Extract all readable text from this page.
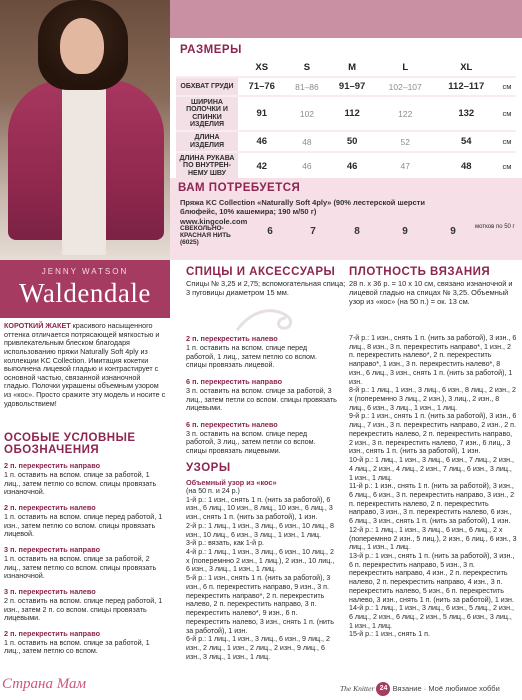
РАЗМЕРЫ
	XS	S	M	L	XL	
ОБХВАТ ГРУДИ	71–76	81–86	91–97	102–107	112–117	см
ШИРИНА ПОЛОЧКИ И СПИНКИ ИЗДЕЛИЯ	91	102	112	122	132	см
ДЛИНА ИЗДЕЛИЯ	46	48	50	52	54	см
ДЛИНА РУКАВА ПО ВНУТРЕН-НЕМУ ШВУ	42	46	46	47	48	см
ВАМ ПОТРЕБУЕТСЯ
Пряжа KC Collection «Naturally Soft 4ply» (90% лестерской шерсти блюфейс, 10% кашемира; 190 м/50 г)
www.kingcole.com
СВЕКОЛЬНО-КРАСНАЯ НИТЬ (6025)
6	7	8	9	9	мотков по 50 г
JENNY WATSON
Waldendale
КОРОТКИЙ ЖАКЕТ красивого насыщенного оттенка отличается потрясающей мягкостью и привлекательным блеском благодаря использованию пряжи Naturally Soft 4ply из коллекции KC Collection. Имитация кокетки выполнена лицевой гладью и контрастирует с основной частью, связанной изнаночной гладью. Полочки украшены объемным узором из «кос». Просто сражите эту модель и носите с удовольствием!
ОСОБЫЕ УСЛОВНЫЕ ОБОЗНАЧЕНИЯ
2 п. перекрестить направо
1 п. оставить на вспом. спице за работой, 1 лиц., затем петлю со вспом. спицы провязать изнаночной.
2 п. перекрестить налево
1 п. оставить на вспом. спице перед работой, 1 изн., затем петлю со вспом. спицы провязать лицевой.
3 п. перекрестить направо
1 п. оставить на вспом. спице за работой, 2 лиц., затем петлю со вспом. спицы провязать изнаночной.
3 п. перекрестить налево
2 п. оставить на вспом. спице перед работой, 1 изн., затем 2 п. со вспом. спицы провязать лицевыми.
2 п. перекрестить направо
1 п. оставить на вспом. спице за работой, 1 лиц., затем петлю со вспом.
СПИЦЫ И АКСЕССУАРЫ

Спицы № 3,25 и 2,75; вспомогательная спица; 3 пуговицы диаметром 15 мм.

ПЛОТНОСТЬ ВЯЗАНИЯ

28 п. х 36 р. = 10 х 10 см, связано изнаночной и лицевой гладью на спицах № 3,25. Объемный узор из «кос» (на 50 п.) = ок. 13 см.

2 п. перекрестить налево
1 п. оставить на вспом. спице перед работой, 1 лиц., затем петлю со вспом. спицы провязать лицевой.
6 п. перекрестить направо
3 п. оставить на вспом. спице за работой, 3 лиц., затем петли со вспом. спицы провязать лицевыми.
6 п. перекрестить налево
3 п. оставить на вспом. спице перед работой, 3 лиц., затем петли со вспом. спицы провязать лицевыми.
УЗОРЫ
Объемный узор из «кос»
(на 50 п. и 24 р.)
1-й р.: 1 изн., снять 1 п. (нить за работой), 6 изн., 6 лиц., 10 изн., 8 лиц., 10 изн., 6 лиц., 3 изн., снять 1 п. (нить за работой), 1 изн.
2-й р.: 1 лиц., 1 изн., 3 лиц., 6 изн., 10 лиц., 8 изн., 10 лиц., 6 изн., 3 лиц., 1 изн., 1 лиц.
3-й р.: вязать, как 1-й р.
4-й р.: 1 лиц., 1 изн., 3 лиц., 6 изн., 10 лиц., 2 х (поперемнно 2 изн., 1 лиц.), 2 изн., 10 лиц., 6 изн., 3 лиц., 1 изн., 1 лиц.
5-й р.: 1 изн., снять 1 п. (нить за работой), 3 изн., 6 п. перекрестить направо, 9 изн., 3 п. перекрестить направо*, 2 п. перекрестить налево, 2 п. перекрестить направо, 3 п. перекрестить налево*, 9 изн., 6 п. перекрестить налево, 3 изн., снять 1 п. (нить за работой), 1 изн.
6-й р.: 1 лиц., 1 изн., 3 лиц., 6 изн., 9 лиц., 2 изн., 2 лиц., 1 изн., 2 лиц., 2 изн., 9 лиц., 6 изн., 3 лиц., 1 изн., 1 лиц.
7-й р.: 1 изн., снять 1 п. (нить за работой), 3 изн., 6 лиц., 8 изн., 3 п. перекрестить направо*, 1 изн., 2 п. перекрестить налево*, 2 п. перекрестить направо*, 1 изн., 3 п. перекрестить налево*, 8 изн., 6 лиц., 3 изн., снять 1 п. (нить за работой), 1 изн.
8-й р.: 1 лиц., 1 изн., 3 лиц., 6 изн., 8 лиц., 2 изн., 2 х (поперемнно 3 лиц., 2 изн.), 3 лиц., 2 изн., 8 лиц., 6 изн., 3 лиц., 1 изн., 1 лиц.
9-й р.: 1 изн., снять 1 п. (нить за работой), 3 изн., 6 лиц., 7 изн., 3 п. перекрестить направо, 2 изн., 2 п. перекрестить налево, 2 п. перекрестить направо, 2 изн., 3 п. перекрестить налево, 7 изн., 6 лиц., 3 изн., снять 1 п. (нить за работой), 1 изн.
10-й р.: 1 лиц., 1 изн., 3 лиц., 6 изн., 7 лиц., 2 изн., 4 лиц., 2 изн., 4 лиц., 2 изн., 7 лиц., 6 изн., 3 лиц., 1 изн., 1 лиц.
11-й р.: 1 изн., снять 1 п. (нить за работой), 3 изн., 6 лиц., 6 изн., 3 п. перекрестить направо, 3 изн., 2 п. перекрестить налево, 2 п. перекрестить направо, 3 изн., 3 п. перекрестить налево, 6 изн., 6 лиц., 3 изн., снять 1 п. (нить за работой), 1 изн.
12-й р.: 1 лиц., 1 изн., 3 лиц., 6 изн., 6 лиц., 2 х (поперемнно 2 изн., 5 лиц.), 2 изн., 6 лиц., 6 изн., 3 лиц., 1 изн., 1 лиц.
13-й р.: 1 изн., снять 1 п. (нить за работой), 3 изн., 6 п. перекрестить направо, 5 изн., 3 п. перекрестить направо, 4 изн., 2 п. перекрестить налево, 2 п. перекрестить направо, 4 изн., 3 п. перекрестить налево, 5 изн., 6 п. перекрестить налево, 3 изн., снять 1 п. (нить за работой), 1 изн.
14-й р.: 1 лиц., 1 изн., 3 лиц., 6 изн., 5 лиц., 2 изн., 6 лиц., 2 изн., 6 лиц., 2 изн., 5 лиц., 6 изн., 3 лиц., 1 изн., 1 лиц.
15-й р.: 1 изн., снять 1 п.
The Knitter 24 Вязание · Моё любимое хобби
Страна Мам
